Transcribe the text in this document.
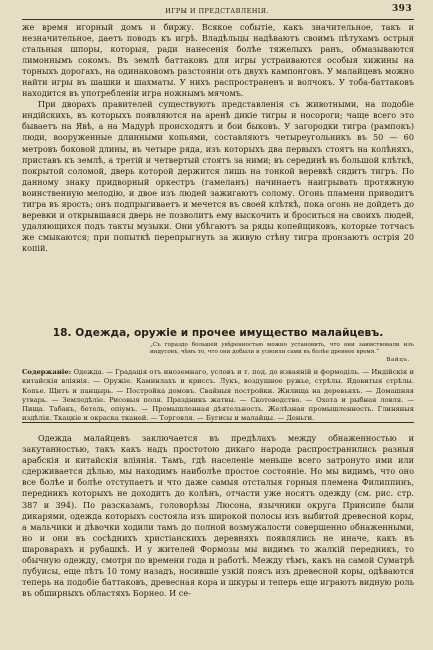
ИГРЫ И ПРЕДСТАВЛЕНІЯ.	393

же время игорный домъ и биржу. Всякое событіе, какъ значительное, такъ и незначительное, даетъ поводъ къ игрѣ. Владѣльцы надѣваютъ своимъ пѣтухамъ острыя стальныя шпоры, которыя, ради нанесенія болѣе тяжелыхъ ранъ, обмазываются лимоннымъ сокомъ. Въ землѣ баттаковъ для игры устраиваются особыя хижины на торныхъ дорогахъ, на одинаковомъ разстояніи отъ двухъ кампонговъ. У малайцевъ можно найти игры въ шашки и шахматы. У нихъ распространенъ и волчокъ. У тоба-баттаковъ находится въ употребленіи игра ножнымъ мячомъ.

При дворахъ правителей существуютъ представленія съ животными, на подобіе индійскихъ, въ которыхъ появляются на аренѣ дикіе тигры и носороги; чаще всего это бываетъ на Явѣ, а на Мадурѣ происходятъ и бои быковъ. У загородки тигра (рампокъ) люди, вооруженные длинными копьями, составляютъ четыреугольникъ въ 50 — 60 метровъ боковой длины, въ четыре ряда, изъ которыхъ два первыхъ стоятъ на колѣняхъ, приставъ къ землѣ, а третій и четвертый стоятъ за ними; въ серединѣ въ большой клѣткѣ, покрытой соломой, дверь которой держится лишь на тонкой веревкѣ сидитъ тигръ. По данному знаку придворный оркестръ (гамеланъ) начинаетъ наигрывать протяжную воинственную мелодію, и двое изъ людей зажигаютъ солому. Огонь пламени приводитъ тигра въ ярость; онъ подпрыгиваетъ и мечется въ своей клѣткѣ, пока огонь не дойдетъ до веревки и открывшаяся дверь не позволитъ ему выскочить и броситься на своихъ людей, удаляющихся подъ такты музыки. Они убѣгаютъ за ряды копейщиковъ, которые тотчасъ же смыкаются; при попыткѣ перепрыгнуть за живую стѣну тигра пронзаютъ острія 20 копій.

18. Одежда, оружіе и прочее имущество малайцевъ.
„Съ гораздо большей увѣренностью можно установить, что они заимствовали изъ индусовъ, чѣмъ то, что они добыли и усвоили сами въ болѣе древнее время.“
Вайцъ.
Содержаніе: Одежда. — Градація отъ иноземнаго, условъ и т. под. до изваяній и формоділь. — Индійскія и китайскія вліянія. — Оружіе. Каминлахъ и криссъ. Лукъ, воздушное ружье, стрѣлы. Ядовитыя стрѣлы. Копье. Щитъ и панцырь. — Постройка домовъ. Свайныя постройки. Жилища на деревьяхъ. — Домашняя утварь. — Земледѣліе. Рисовыя поля. Праздникъ жатвы. — Скотоводство. — Охота и рыбная ловля. — Пища. Табакъ, бетель, опіумъ. — Промышленная дѣятельность. Желѣзная промышленность. Глиняныя издѣлія. Ткацкіе и окраска тканей. — Торговля. — Бугисы и малайцы. — Деньги.
Одежда малайцевъ заключается въ предѣлахъ между обнаженностью и закутанностью, такъ какъ надъ простотою дикаго народа распространились разныя арабскія и китайскія вліянія. Тамъ, гдѣ населеніе меньше всего затронуто ими или сдерживается дѣлью, мы находимъ наиболѣе простое состояніе. Но мы видимъ, что оно все болѣе и болѣе отступаетъ и что даже самыя отсталыя горныя племена Филиппинъ, передникъ которыхъ не доходитъ до колѣнъ, отчасти уже носятъ одежду (см. рис. стр. 387 и 394). По разсказамъ, головорѣзы Люсона, язычники округа Принсипе были дикарями, одежда которыхъ состояла изъ широкой полосы изъ выбитой древесной коры, а мальчики и дѣвочки ходили тамъ до полной возмужалости совершенно обнаженными, но и они въ сосѣднихъ христіанскихъ деревняхъ появлялись не иначе, какъ въ шароварахъ и рубашкѣ. И у жителей Формозы мы видимъ то жалкій передникъ, то обычную одежду, смотря по времени года и работѣ. Между тѣмъ, какъ на самой Суматрѣ лубуисы, еще лѣтъ 10 тому назадъ, носившіе узкій поясъ изъ древесной коры, одѣваются теперь на подобіе баттаковъ, древесная кора и шкуры и теперь еще играютъ видную роль въ обширныхъ областяхъ Борнео. И се-
